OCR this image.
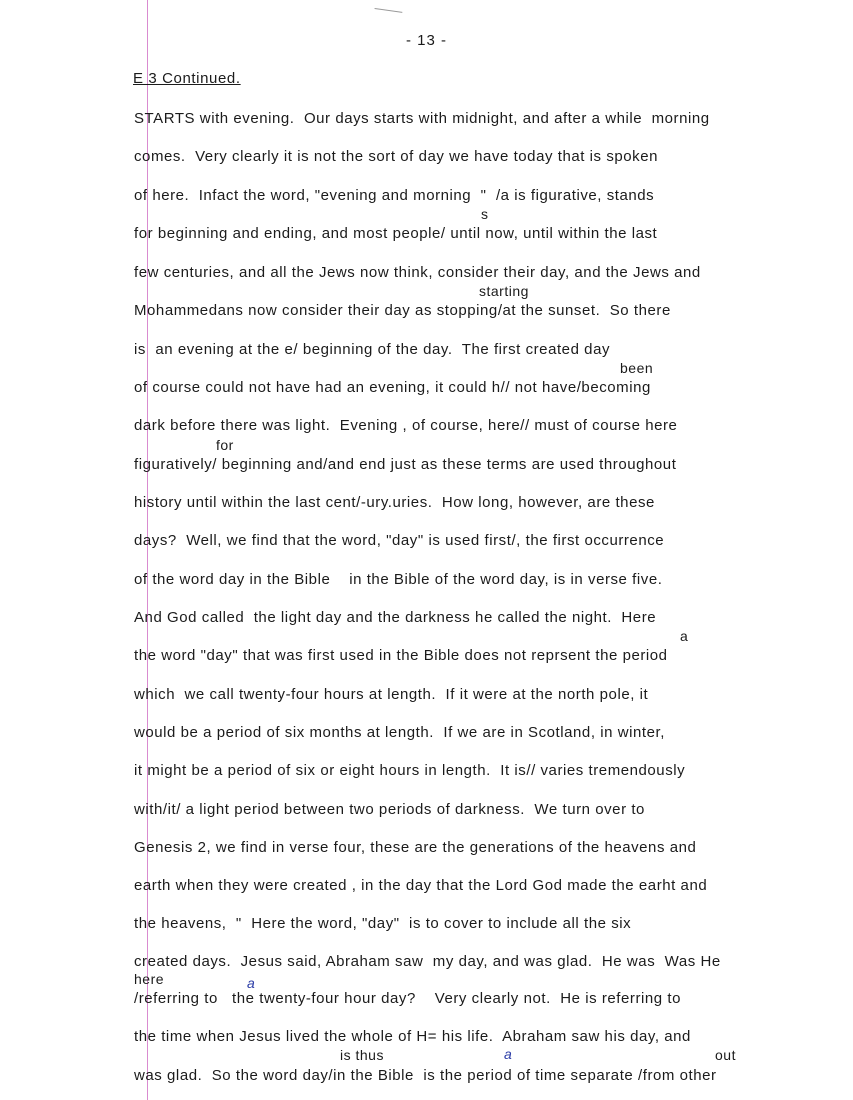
- 13 -
E 3 Continued.
STARTS with evening.  Our days starts with midnight, and after a while  morning
comes.  Very clearly it is not the sort of day we have today that is spoken
of here.  Infact the word, "evening and morning  "  /a is figurative, stands
for beginning and ending, and most people/ until now, until within the last
few centuries, and all the Jews now think, consider their day, and the Jews and
Mohammedans now consider their day as stopping/at the sunset.  So there
is  an evening at the e/ beginning of the day.  The first created day
of course could not have had an evening, it could h// not have/becoming
dark before there was light.  Evening , of course, here// must of course here
figuratively/ beginning and/and end just as these terms are used throughout
history until within the last cent/-ury.uries.  How long, however, are these
days?  Well, we find that the word, "day" is used first/, the first occurrence
of the word day in the Bible    in the Bible of the word day, is in verse five.
And God called  the light day and the darkness he called the night.  Here
the word "day" that was first used in the Bible does not reprsent the period
which  we call twenty-four hours at length.  If it were at the north pole, it
would be a period of six months at length.  If we are in Scotland, in winter,
it might be a period of six or eight hours in length.  It is// varies tremendously
with/it/ a light period between two periods of darkness.  We turn over to
Genesis 2, we find in verse four, these are the generations of the heavens and
earth when they were created , in the day that the Lord God made the earht and
the heavens,  "  Here the word, "day"  is to cover to include all the six
created days.  Jesus said, Abraham saw  my day, and was glad.  He was  Was He
/referring to   the twenty-four hour day?    Very clearly not.  He is referring to
the time when Jesus lived the whole of H= his life.  Abraham saw his day, and
was glad.  So the word day/in the Bible  is the period of time separate /from other
s
starting
been
for
a
here	a
is thus	a	out
